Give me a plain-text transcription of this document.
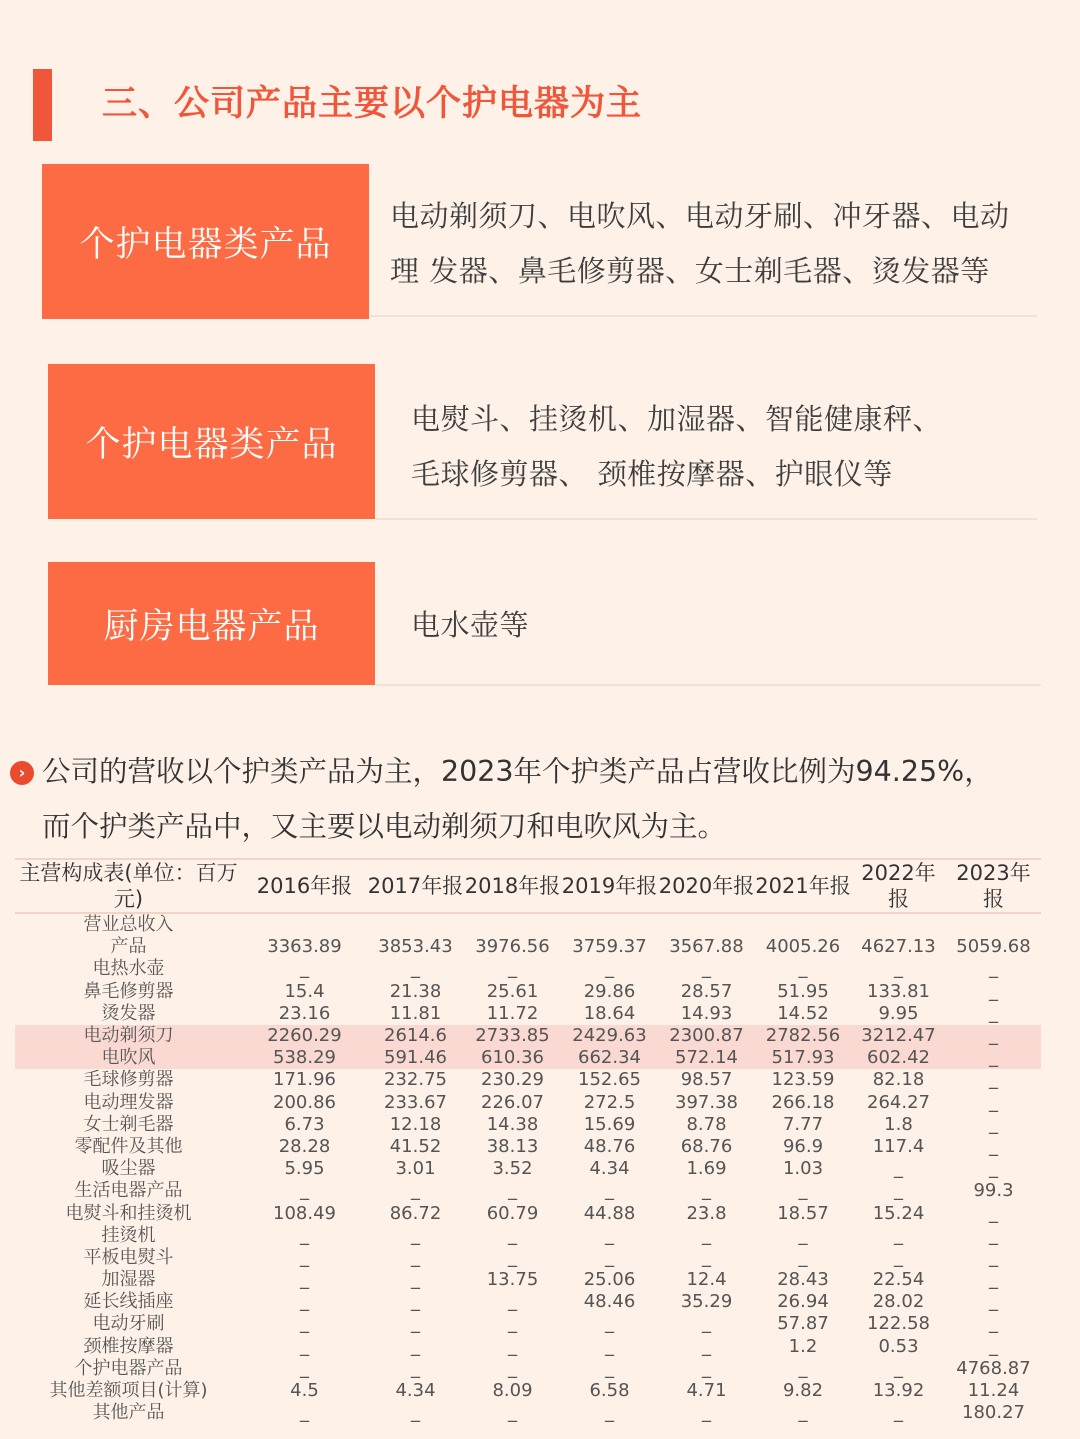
三、公司产品主要以个护电器为主
个护电器类产品
电动剃须刀、电吹风、电动牙刷、冲牙器、电动
理 发器、鼻毛修剪器、女士剃毛器、烫发器等
个护电器类产品
电熨斗、挂烫机、加湿器、智能健康秤、
毛球修剪器、 颈椎按摩器、护眼仪等
厨房电器产品	电水壶等
› 公司的营收以个护类产品为主，2023年个护类产品占营收比例为94.25%，
而个护类产品中，又主要以电动剃须刀和电吹风为主。
主营构成表(单位：百万元)	2016年报	2017年报	2018年报	2019年报	2020年报	2021年报	2022年报	2023年报
营业总收入								
产品	3363.89	3853.43	3976.56	3759.37	3567.88	4005.26	4627.13	5059.68
电热水壶	_	_	_	_	_	_	_	_
鼻毛修剪器	15.4	21.38	25.61	29.86	28.57	51.95	133.81	_
烫发器	23.16	11.81	11.72	18.64	14.93	14.52	9.95	_
电动剃须刀	2260.29	2614.6	2733.85	2429.63	2300.87	2782.56	3212.47	_
电吹风	538.29	591.46	610.36	662.34	572.14	517.93	602.42	_
毛球修剪器	171.96	232.75	230.29	152.65	98.57	123.59	82.18	_
电动理发器	200.86	233.67	226.07	272.5	397.38	266.18	264.27	_
女士剃毛器	6.73	12.18	14.38	15.69	8.78	7.77	1.8	_
零配件及其他	28.28	41.52	38.13	48.76	68.76	96.9	117.4	_
吸尘器	5.95	3.01	3.52	4.34	1.69	1.03	_	_
生活电器产品	_	_	_	_	_	_	_	99.3
电熨斗和挂烫机	108.49	86.72	60.79	44.88	23.8	18.57	15.24	_
挂烫机	_	_	_	_	_	_	_	_
平板电熨斗	_	_	_	_	_	_	_	_
加湿器	_	_	13.75	25.06	12.4	28.43	22.54	_
延长线插座	_	_	_	48.46	35.29	26.94	28.02	_
电动牙刷	_	_	_	_	_	57.87	122.58	_
颈椎按摩器	_	_	_	_	_	1.2	0.53	_
个护电器产品	_	_	_	_	_	_	_	4768.87
其他差额项目(计算)	4.5	4.34	8.09	6.58	4.71	9.82	13.92	11.24
其他产品	_	_	_	_	_	_	_	180.27
